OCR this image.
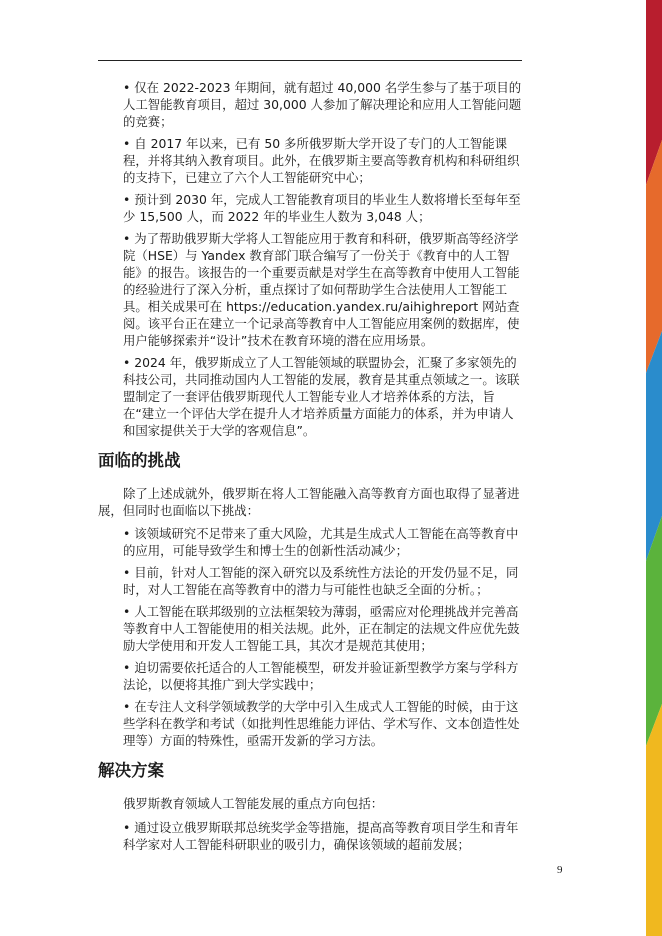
• 仅在 2022-2023 年期间，就有超过 40,000 名学生参与了基于项目的人工智能教育项目，超过 30,000 人参加了解决理论和应用人工智能问题的竞赛；

• 自 2017 年以来，已有 50 多所俄罗斯大学开设了专门的人工智能课程，并将其纳入教育项目。此外，在俄罗斯主要高等教育机构和科研组织的支持下，已建立了六个人工智能研究中心；

• 预计到 2030 年，完成人工智能教育项目的毕业生人数将增长至每年至少 15,500 人，而 2022 年的毕业生人数为 3,048 人；

• 为了帮助俄罗斯大学将人工智能应用于教育和科研，俄罗斯高等经济学院（HSE）与 Yandex 教育部门联合编写了一份关于《教育中的人工智能》的报告。该报告的一个重要贡献是对学生在高等教育中使用人工智能的经验进行了深入分析，重点探讨了如何帮助学生合法使用人工智能工具。相关成果可在 https://education.yandex.ru/aihighreport 网站查阅。该平台正在建立一个记录高等教育中人工智能应用案例的数据库，使用户能够探索并“设计”技术在教育环境的潜在应用场景。

• 2024 年，俄罗斯成立了人工智能领域的联盟协会，汇聚了多家领先的科技公司，共同推动国内人工智能的发展，教育是其重点领域之一。该联盟制定了一套评估俄罗斯现代人工智能专业人才培养体系的方法，旨在“建立一个评估大学在提升人才培养质量方面能力的体系，并为申请人和国家提供关于大学的客观信息”。

面临的挑战

除了上述成就外，俄罗斯在将人工智能融入高等教育方面也取得了显著进展，但同时也面临以下挑战：

• 该领域研究不足带来了重大风险，尤其是生成式人工智能在高等教育中的应用，可能导致学生和博士生的创新性活动减少；

• 目前，针对人工智能的深入研究以及系统性方法论的开发仍显不足，同时，对人工智能在高等教育中的潜力与可能性也缺乏全面的分析。；

• 人工智能在联邦级别的立法框架较为薄弱，亟需应对伦理挑战并完善高等教育中人工智能使用的相关法规。此外，正在制定的法规文件应优先鼓励大学使用和开发人工智能工具，其次才是规范其使用；

• 迫切需要依托适合的人工智能模型，研发并验证新型教学方案与学科方法论，以便将其推广到大学实践中；

• 在专注人文科学领域教学的大学中引入生成式人工智能的时候，由于这些学科在教学和考试（如批判性思维能力评估、学术写作、文本创造性处理等）方面的特殊性，亟需开发新的学习方法。

解决方案

俄罗斯教育领域人工智能发展的重点方向包括：

• 通过设立俄罗斯联邦总统奖学金等措施，提高高等教育项目学生和青年科学家对人工智能科研职业的吸引力，确保该领域的超前发展；

9
